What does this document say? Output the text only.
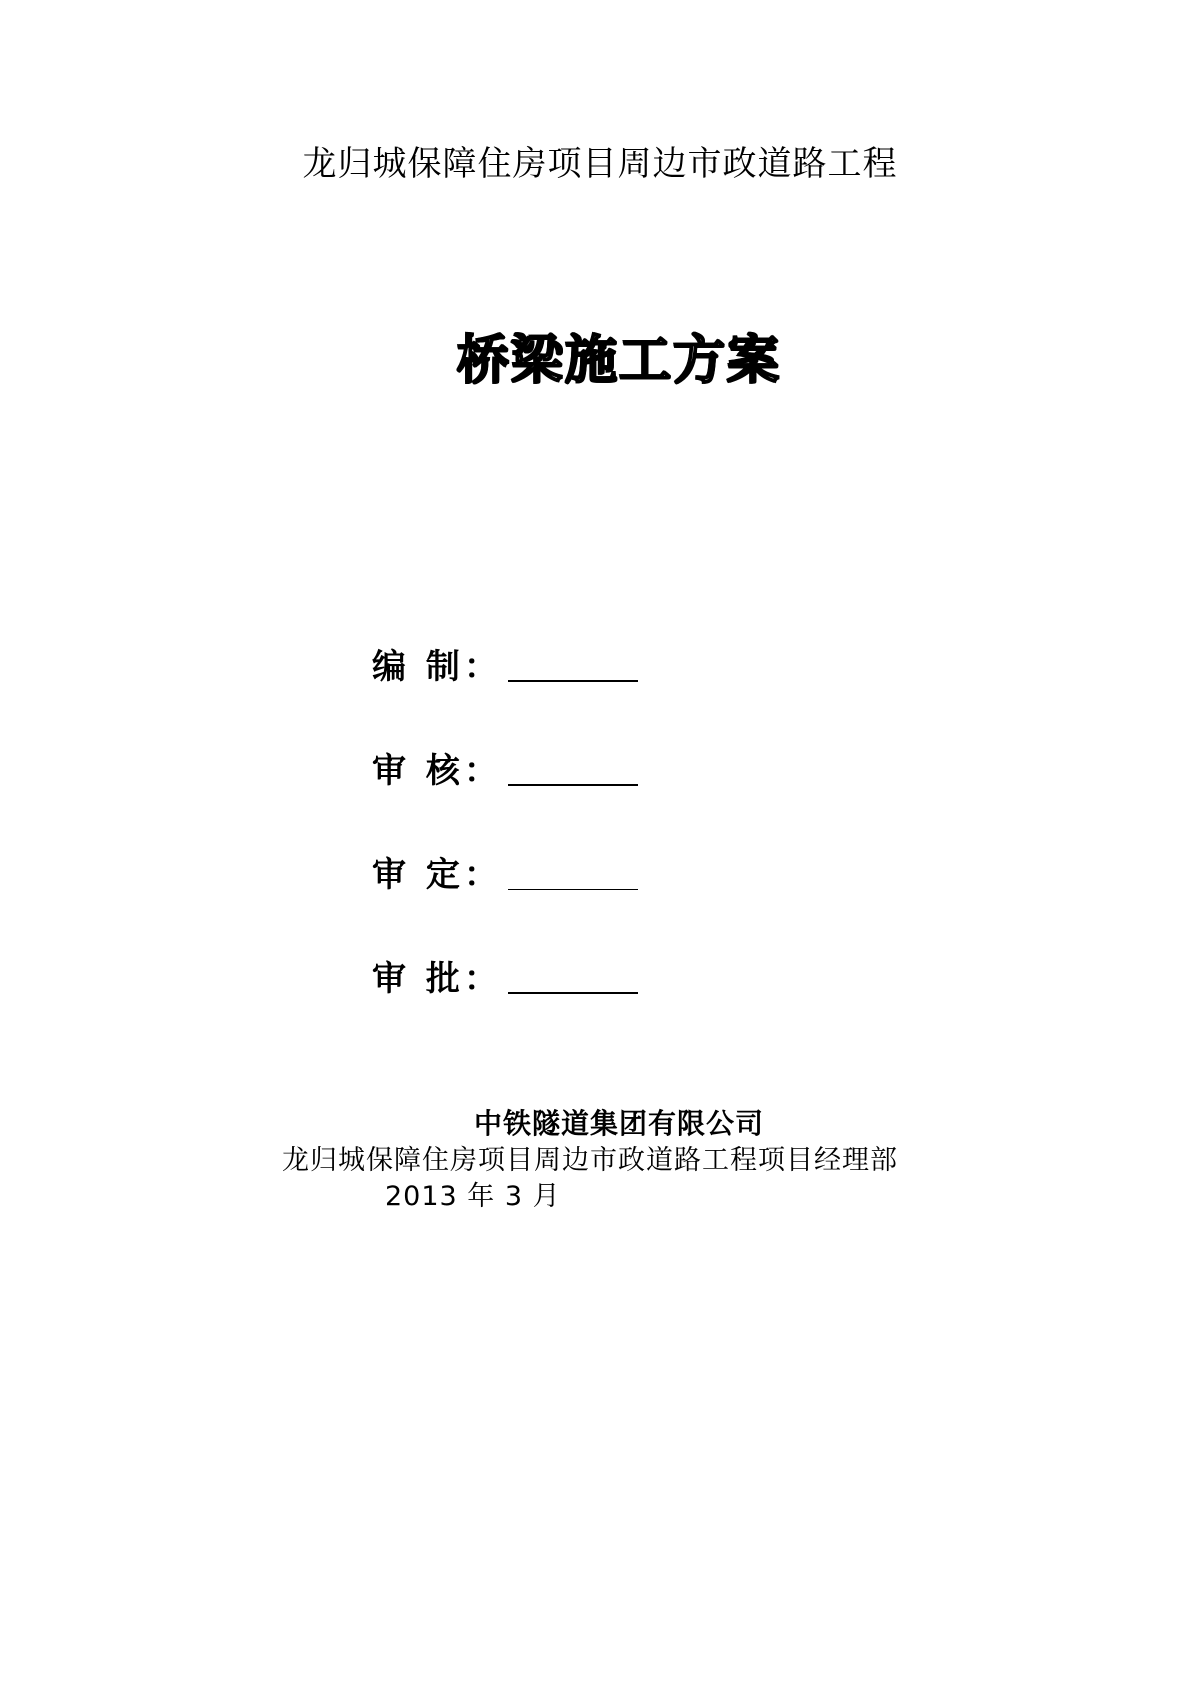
龙归城保障住房项目周边市政道路工程
桥梁施工方案
编 制：
审 核：
审 定：
审 批：
中铁隧道集团有限公司
龙归城保障住房项目周边市政道路工程项目经理部
2013 年 3 月
